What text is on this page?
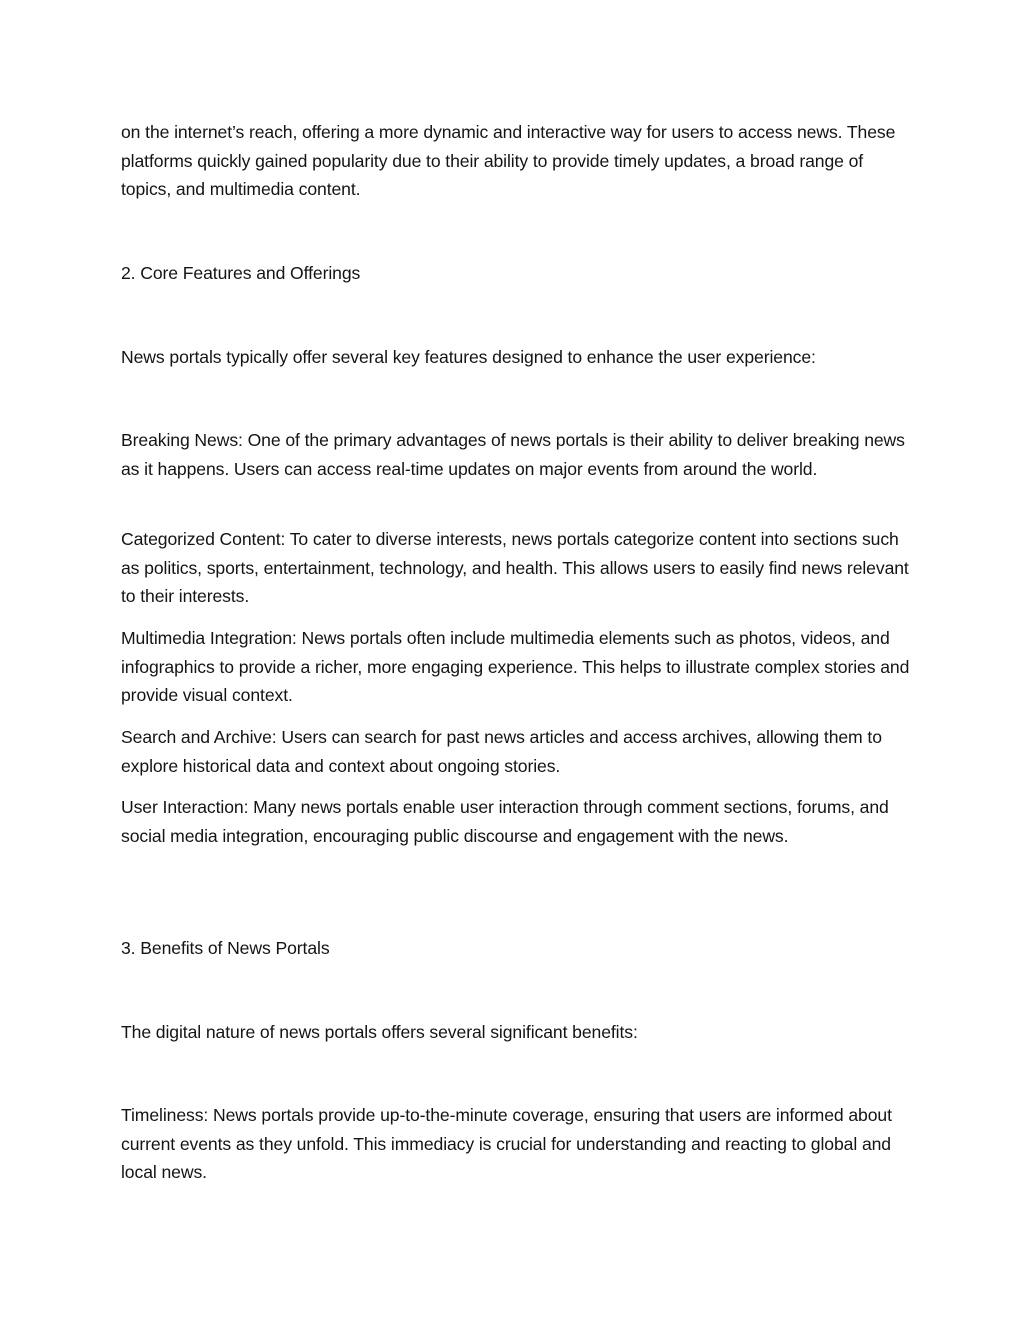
on the internet’s reach, offering a more dynamic and interactive way for users to access news. These platforms quickly gained popularity due to their ability to provide timely updates, a broad range of topics, and multimedia content.

2. Core Features and Offerings

News portals typically offer several key features designed to enhance the user experience:

Breaking News: One of the primary advantages of news portals is their ability to deliver breaking news as it happens. Users can access real-time updates on major events from around the world.

Categorized Content: To cater to diverse interests, news portals categorize content into sections such as politics, sports, entertainment, technology, and health. This allows users to easily find news relevant to their interests.

Multimedia Integration: News portals often include multimedia elements such as photos, videos, and infographics to provide a richer, more engaging experience. This helps to illustrate complex stories and provide visual context.

Search and Archive: Users can search for past news articles and access archives, allowing them to explore historical data and context about ongoing stories.

User Interaction: Many news portals enable user interaction through comment sections, forums, and social media integration, encouraging public discourse and engagement with the news.

3. Benefits of News Portals

The digital nature of news portals offers several significant benefits:

Timeliness: News portals provide up-to-the-minute coverage, ensuring that users are informed about current events as they unfold. This immediacy is crucial for understanding and reacting to global and local news.
